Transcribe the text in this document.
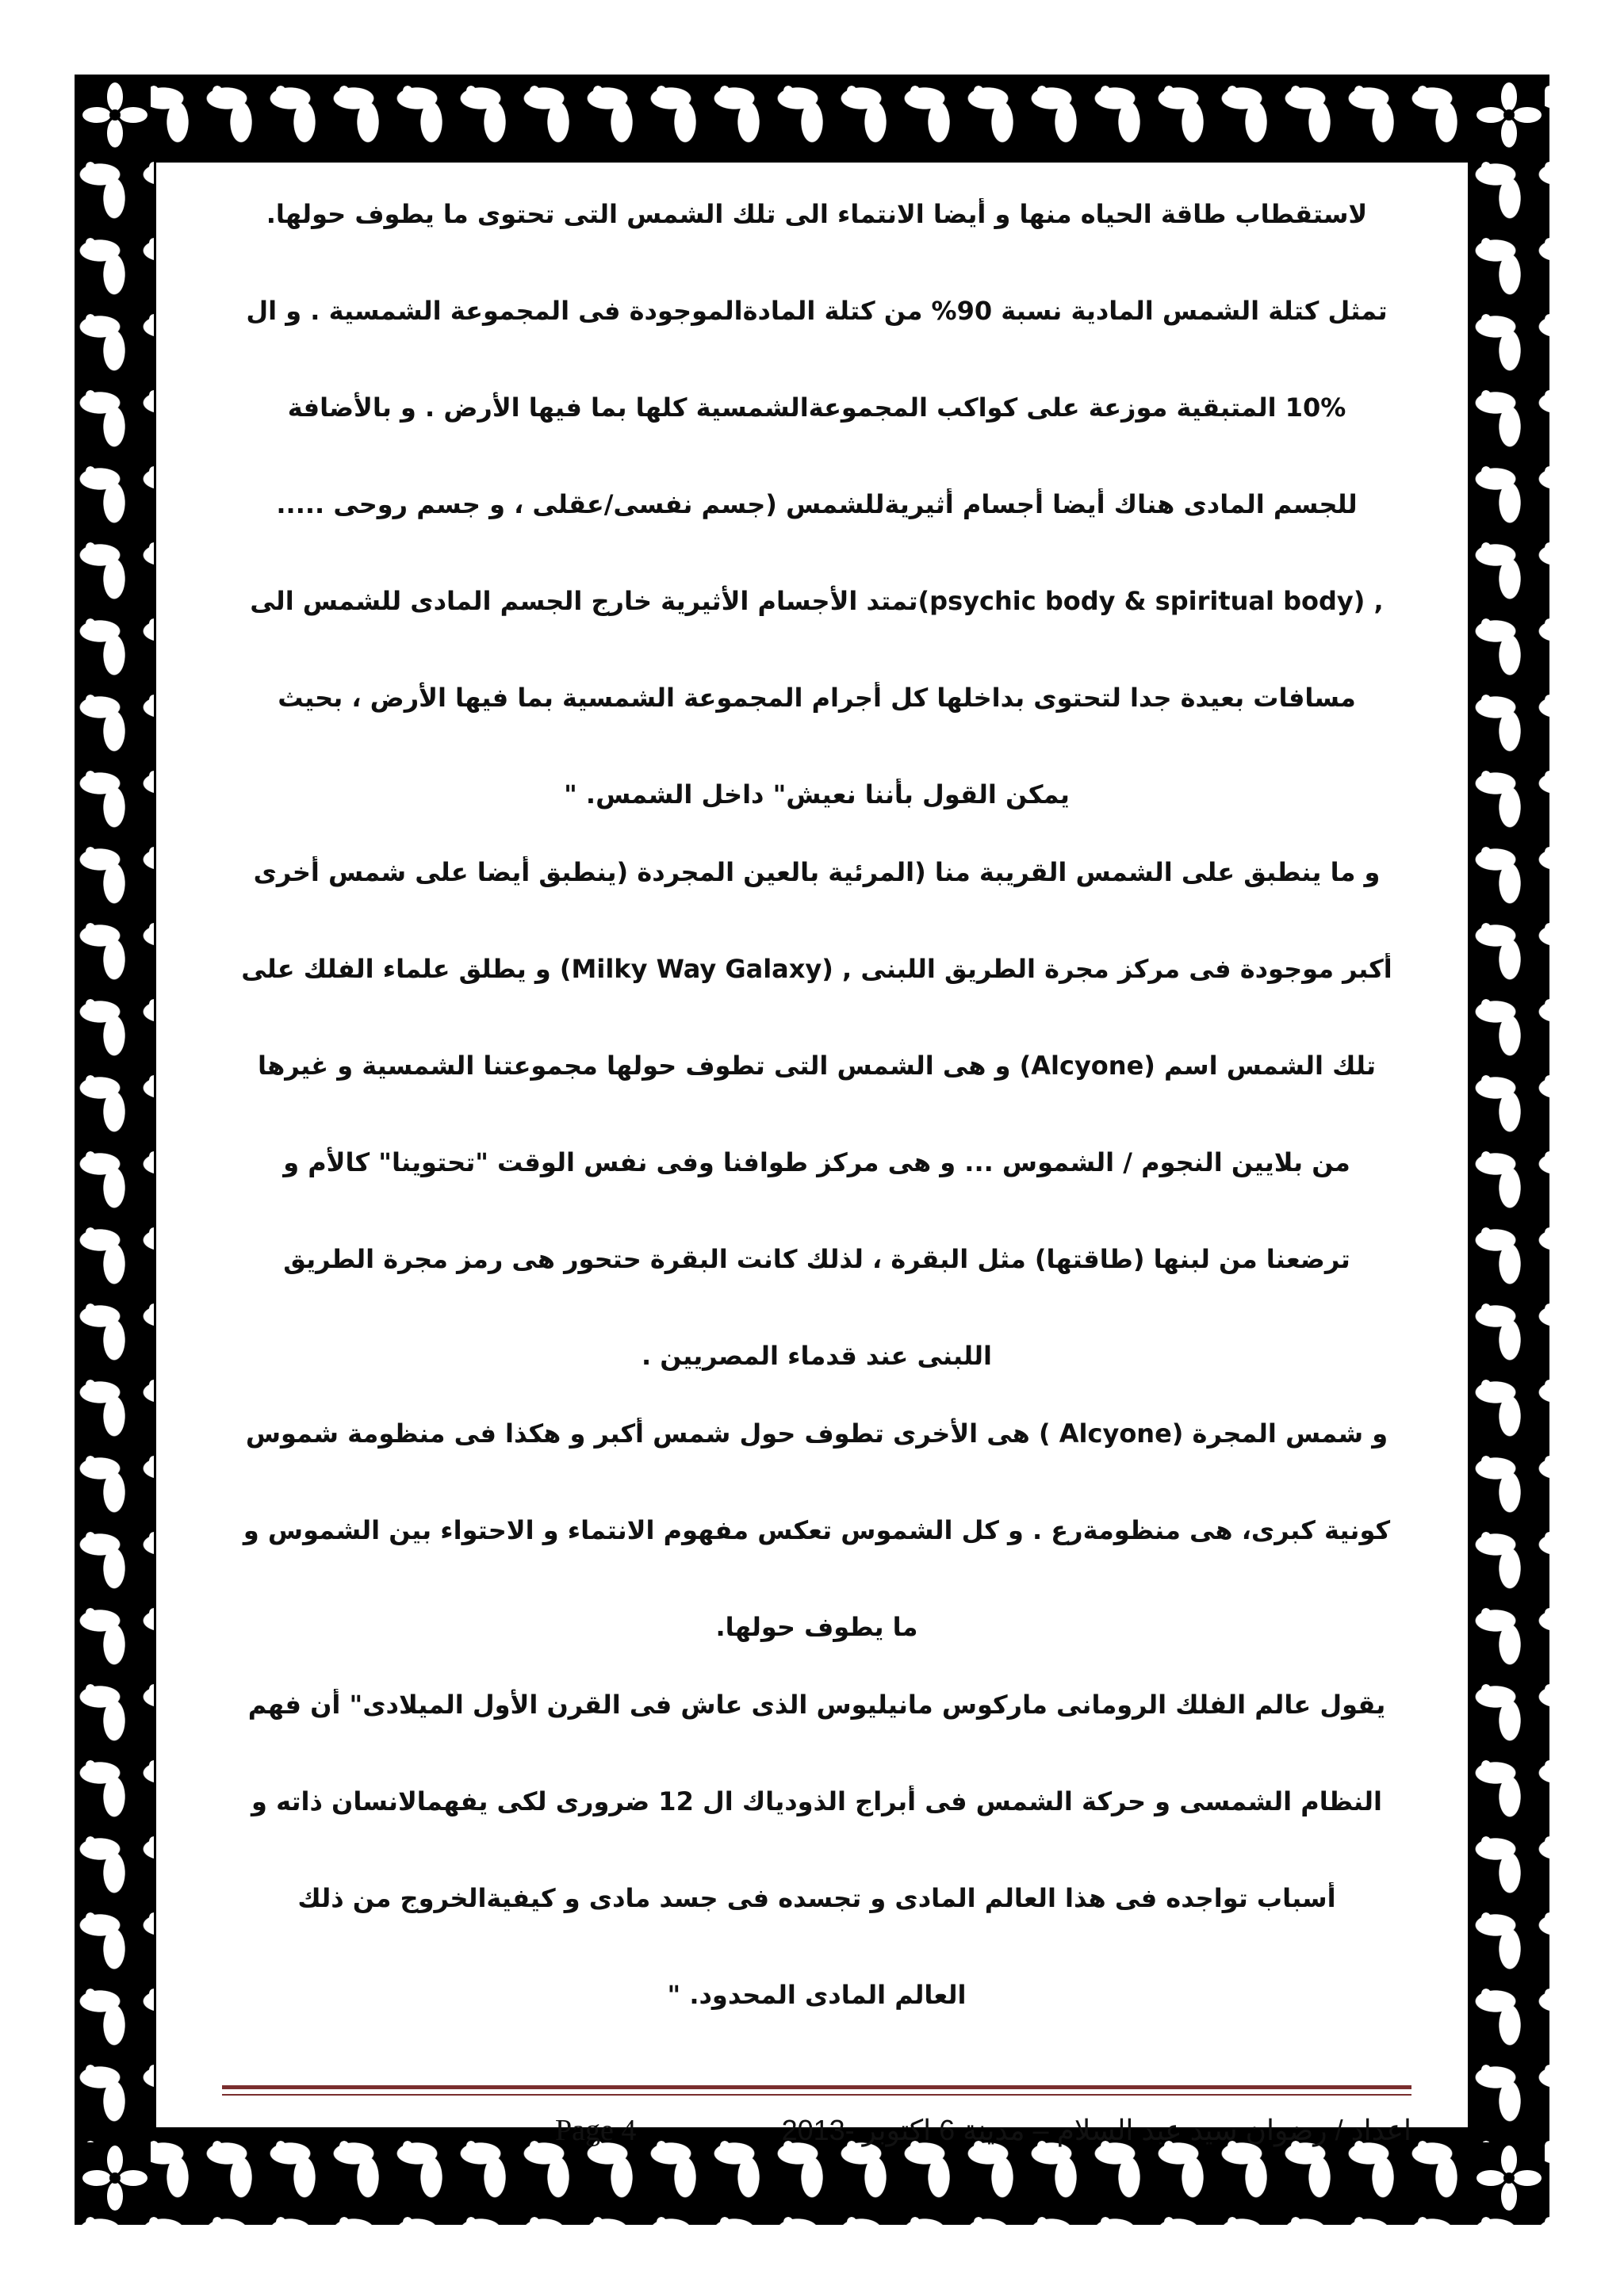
لاستقطاب طاقة الحياه منها و أيضا الانتماء الى تلك الشمس التى تحتوى ما يطوف حولها.
تمثل كتلة الشمس المادية نسبة 90% من كتلة المادةالموجودة فى المجموعة الشمسية . و ال
10% المتبقية موزعة على كواكب المجموعةالشمسية كلها بما فيها الأرض . و بالأضافة
للجسم المادى هناك أيضا أجسام أثيريةللشمس (جسم نفسى/عقلى ، و جسم روحى .....
, (psychic body & spiritual body)تمتد الأجسام الأثيرية خارج الجسم المادى للشمس الى
مسافات بعيدة جدا لتحتوى بداخلها كل أجرام المجموعة الشمسية بما فيها الأرض ، بحيث
يمكن القول بأننا نعيش" داخل الشمس. "
و ما ينطبق على الشمس القريبة منا (المرئية بالعين المجردة (ينطبق أيضا على شمس أخرى
أكبر موجودة فى مركز مجرة الطريق اللبنى , (Milky Way Galaxy) و يطلق علماء الفلك على
تلك الشمس اسم (Alcyone) و هى الشمس التى تطوف حولها مجموعتنا الشمسية و غيرها
من بلايين النجوم / الشموس ... و هى مركز طوافنا وفى نفس الوقت "تحتوينا" كالأم و
ترضعنا من لبنها (طاقتها) مثل البقرة ، لذلك كانت البقرة حتحور هى رمز مجرة الطريق
اللبنى عند قدماء المصريين .
و شمس المجرة (Alcyone ) هى الأخرى تطوف حول شمس أكبر و هكذا فى منظومة شموس
كونية كبرى، هى منظومةرع . و كل الشموس تعكس مفهوم الانتماء و الاحتواء بين الشموس و
ما يطوف حولها.
يقول عالم الفلك الرومانى ماركوس مانيليوس الذى عاش فى القرن الأول الميلادى" أن فهم
النظام الشمسى و حركة الشمس فى أبراج الذودياك ال 12 ضرورى لكى يفهمالانسان ذاته و
أسباب تواجده فى هذا العالم المادى و تجسده فى جسد مادى و كيفيةالخروج من ذلك
العالم المادى المحدود. "
Page 4	اعداد / رضوان سيد عبد السلام – مدينة 6 اكتوبر -2013
